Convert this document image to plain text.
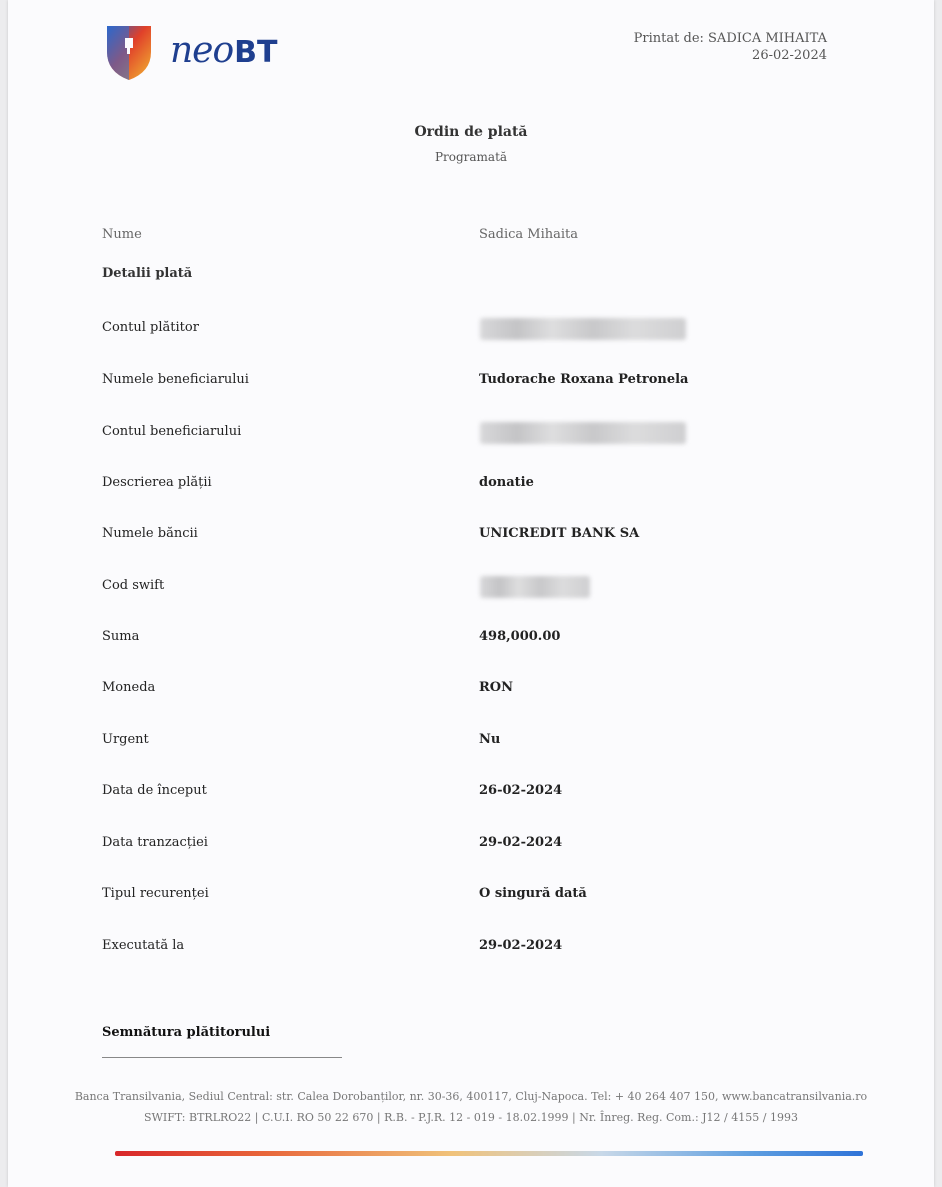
neo BT	Printat de: SADICA MIHAITA
26-02-2024
Ordin de plată
Programată
Nume	Sadica Mihaita
Detalii plată
Contul plătitor
Numele beneficiarului	Tudorache Roxana Petronela
Contul beneficiarului
Descrierea plății	donatie
Numele băncii	UNICREDIT BANK SA
Cod swift
Suma	498,000.00
Moneda	RON
Urgent	Nu
Data de început	26-02-2024
Data tranzacției	29-02-2024
Tipul recurenței	O singură dată
Executată la	29-02-2024
Semnătura plătitorului
Banca Transilvania, Sediul Central: str. Calea Dorobanților, nr. 30-36, 400117, Cluj-Napoca. Tel: + 40 264 407 150, www.bancatransilvania.ro
SWIFT: BTRLRO22 | C.U.I. RO 50 22 670 | R.B. - P.J.R. 12 - 019 - 18.02.1999 | Nr. Înreg. Reg. Com.: J12 / 4155 / 1993
